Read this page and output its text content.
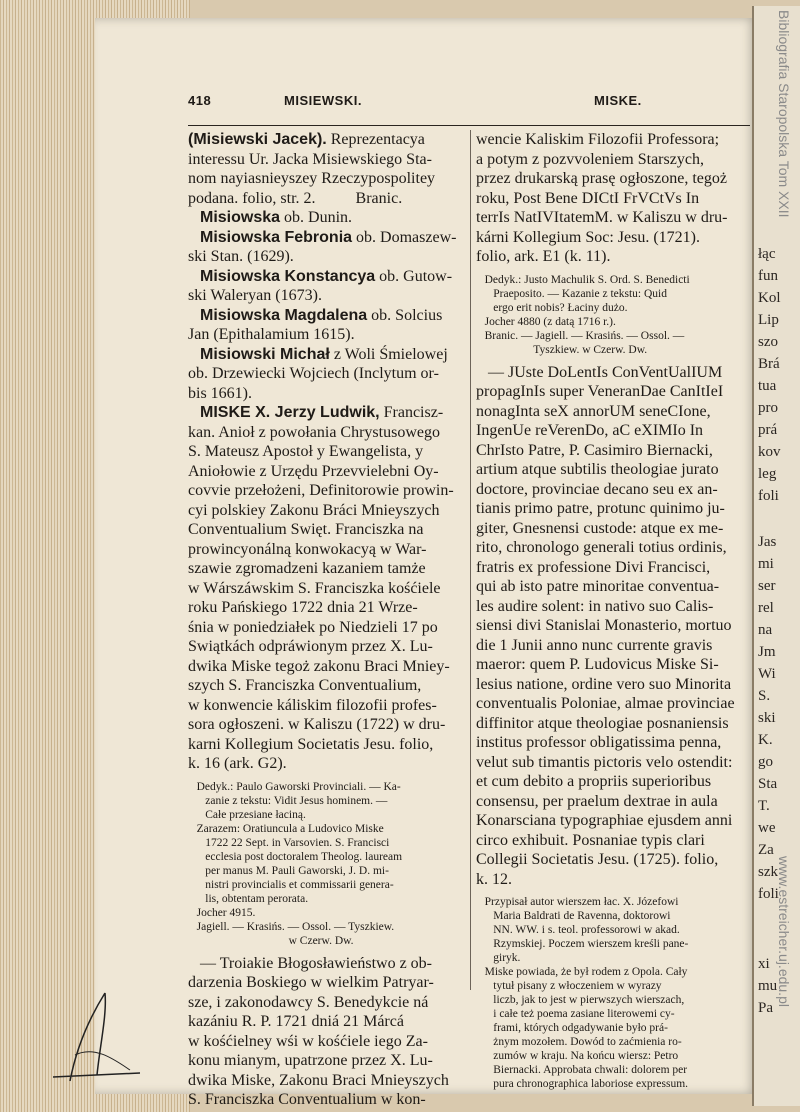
łąc
fun
Kol
Lip
szo
Brá
tua
pro
prá
kov
leg
foli
Jas
mi
ser
rel
na
Jm
Wi
S.
ski
K.
go
Sta
T.
we
Za
szk
foli
xi
mu
Pa
Bibliografia Staropolska Tom XXII
www.estreicher.uj.edu.pl
418	MISIEWSKI.	MISKE.
(Misiewski Jacek). Reprezentacya
interessu Ur. Jacka Misiewskiego Sta-
nom nayiasnieyszey Rzeczypospolitey
podana. folio, str. 2.          Branic.
Misiowska ob. Dunin.
Misiowska Febronia ob. Domaszew-
ski Stan. (1629).
Misiowska Konstancya ob. Gutow-
ski Waleryan (1673).
Misiowska Magdalena ob. Solcius
Jan (Epithalamium 1615).
Misiowski Michał z Woli Śmielowej
ob. Drzewiecki Wojciech (Inclytum or-
bis 1661).
MISKE X. Jerzy Ludwik, Francisz-
kan. Anioł z powołania Chrystusowego
S. Mateusz Apostoł y Ewangelista, y
Aniołowie z Urzędu Przevvielebni Oy-
covvie przełożeni, Definitorowie prowin-
cyi polskiey Zakonu Bráci Mnieyszych
Conventualium Swięt. Franciszka na
prowincyonálną konwokacyą w War-
szawie zgromadzeni kazaniem tamże
w Wárszáwskim S. Franciszka kośćiele
roku Pańskiego 1722 dnia 21 Wrze-
śnia w poniedziałek po Niedzieli 17 po
Swiątkách odpráwionym przez X. Lu-
dwika Miske tegoż zakonu Braci Mniey-
szych S. Franciszka Conventualium,
w konwencie káliskim filozofii profes-
sora ogłoszeni. w Kaliszu (1722) w dru-
karni Kollegium Societatis Jesu. folio,
k. 16 (ark. G2).
Dedyk.: Paulo Gaworski Provinciali. — Ka-
zanie z tekstu: Vidit Jesus hominem. —
Całe przesiane łaciną.
Zarazem: Oratiuncula a Ludovico Miske
1722 22 Sept. in Varsovien. S. Francisci
ecclesia post doctoralem Theolog. lauream
per manus M. Pauli Gaworski, J. D. mi-
nistri provincialis et commissarii genera-
lis, obtentam perorata.
Jocher 4915.
Jagiell. — Krasińs. — Ossol. — Tyszkiew.
w Czerw. Dw.
— Troiakie Błogosławieństwo z ob-
darzenia Boskiego w wielkim Patryar-
sze, i zakonodawcy S. Benedykcie ná
kazániu R. P. 1721 dniá 21 Márcá
w kośćielney wśi w kośćiele iego Za-
konu mianym, upatrzone przez X. Lu-
dwika Miske, Zakonu Braci Mnieyszych
S. Franciszka Conventualium w kon-
wencie Kaliskim Filozofii Professora;
a potym z pozvvoleniem Starszych,
przez drukarską prasę ogłoszone, tegoż
roku, Post Bene DICtI FrVCtVs In
terrIs NatIVItatemM. w Kaliszu w dru-
kárni Kollegium Soc: Jesu. (1721).
folio, ark. E1 (k. 11).
Dedyk.: Justo Machulik S. Ord. S. Benedicti
Praeposito. — Kazanie z tekstu: Quid
ergo erit nobis? Łaciny dużo.
Jocher 4880 (z datą 1716 r.).
Branic. — Jagiell. — Krasińs. — Ossol. —
Tyszkiew. w Czerw. Dw.
— JUste DoLentIs ConVentUalIUM
propagInIs super VeneranDae CanItIeI
nonagInta seX annorUM seneCIone,
IngenUe reVerenDo, aC eXIMIo In
ChrIsto Patre, P. Casimiro Biernacki,
artium atque subtilis theologiae jurato
doctore, provinciae decano seu ex an-
tianis primo patre, protunc quinimo ju-
giter, Gnesnensi custode: atque ex me-
rito, chronologo generali totius ordinis,
fratris ex professione Divi Francisci,
qui ab isto patre minoritae conventua-
les audire solent: in nativo suo Calis-
siensi divi Stanislai Monasterio, mortuo
die 1 Junii anno nunc currente gravis
maeror: quem P. Ludovicus Miske Si-
lesius natione, ordine vero suo Minorita
conventualis Poloniae, almae provinciae
diffinitor atque theologiae posnaniensis
institus professor obligatissima penna,
velut sub timantis pictoris velo ostendit:
et cum debito a propriis superioribus
consensu, per praelum dextrae in aula
Konarsciana typographiae ejusdem anni
circo exhibuit. Posnaniae typis clari
Collegii Societatis Jesu. (1725). folio,
k. 12.
Przypisał autor wierszem łac. X. Józefowi
Maria Baldrati de Ravenna, doktorowi
NN. WW. i s. teol. professorowi w akad.
Rzymskiej. Poczem wierszem kreśli pane-
giryk.
Miske powiada, że był rodem z Opola. Cały
tytuł pisany z włoczeniem w wyrazy
liczb, jak to jest w pierwszych wierszach,
i całe też poema zasiane literowemi cy-
frami, których odgadywanie było prá-
żnym mozołem. Dowód to zaćmienia ro-
zumów w kraju. Na końcu wiersz: Petro
Biernacki. Approbata chwali: dolorem per
pura chronographica laboriose expressum.
